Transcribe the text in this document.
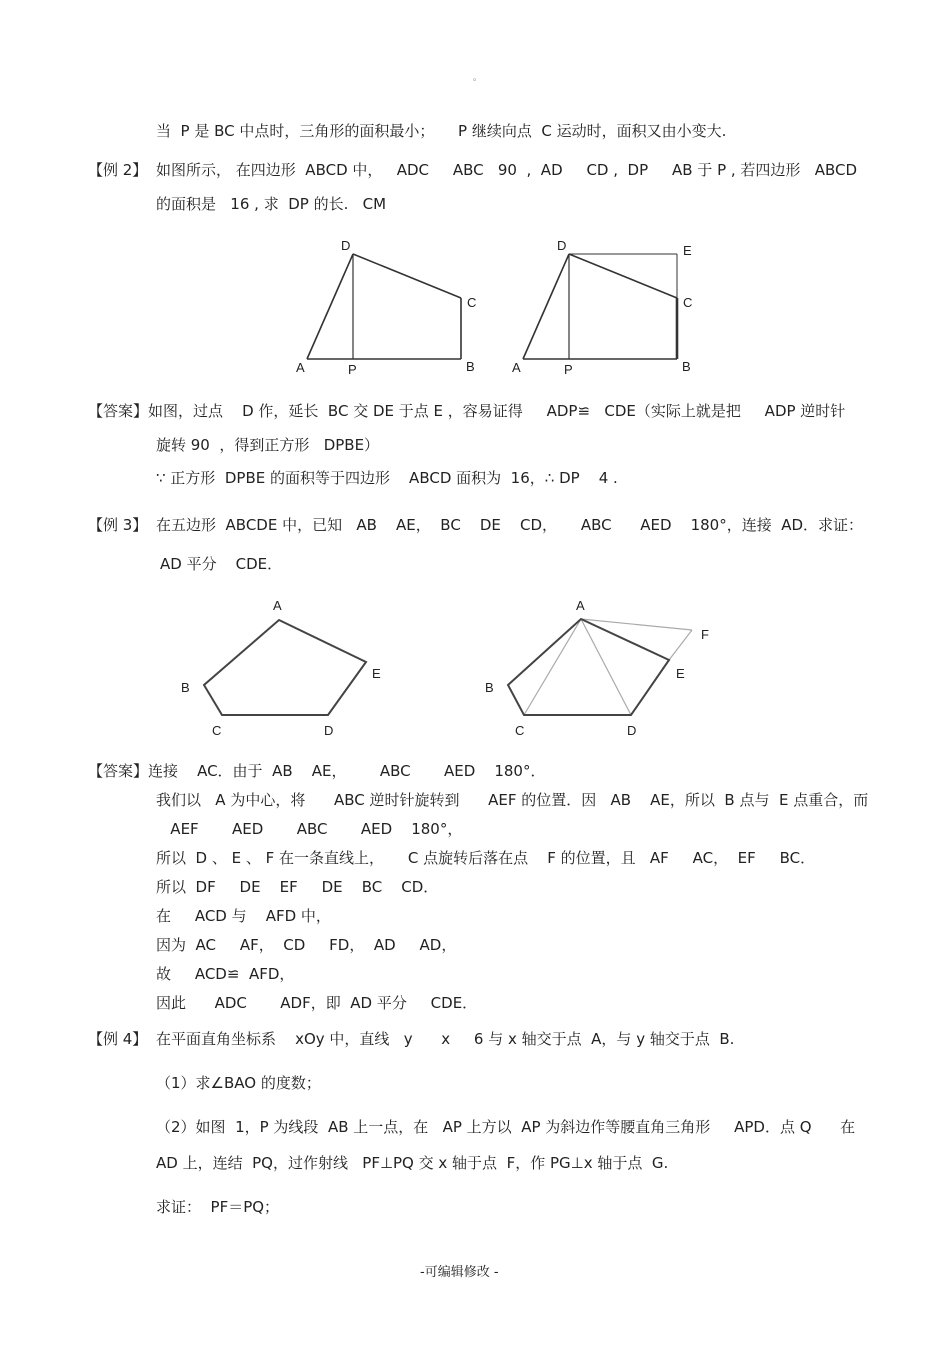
。
当  P 是 BC 中点时，三角形的面积最小； P 继续向点  C 运动时，面积又由小变大.
【例 2】 如图所示， 在四边形  ABCD 中，   ADC     ABC   90  ,  AD     CD ,  DP     AB 于 P , 若四边形   ABCD
的面积是   16 , 求  DP 的长.   CM
D
C
A	P	B
D	E
C
A	P	B
【答案】 如图，过点    D 作，延长  BC 交 DE 于点 E ，容易证得     ADP≌   CDE（实际上就是把     ADP 逆时针
旋转 90  ，得到正方形   DPBE）
∵ 正方形  DPBE 的面积等于四边形    ABCD 面积为  16，∴ DP    4 .
【例 3】 在五边形  ABCDE 中，已知   AB    AE，  BC    DE    CD，     ABC      AED    180°，连接  AD．求证：
AD 平分    CDE．
A
E
B
C	D
A
F
E
B
C	D
【答案】 连接    AC．由于  AB    AE，       ABC       AED    180°．
我们以   A 为中心，将      ABC 逆时针旋转到      AEF 的位置．因   AB    AE，所以  B 点与  E 点重合，而
AEF       AED       ABC       AED    180°，
所以  D 、 E 、 F 在一条直线上，     C 点旋转后落在点    F 的位置，且   AF     AC，  EF     BC．
所以  DF     DE    EF     DE    BC    CD．
在     ACD 与    AFD 中，
因为  AC     AF，  CD     FD，  AD     AD，
故     ACD≌  AFD，
因此      ADC       ADF，即  AD 平分     CDE．
【例 4】 在平面直角坐标系    xOy 中，直线   y      x     6 与 x 轴交于点  A，与 y 轴交于点  B.
（1）求∠BAO 的度数；
（2）如图  1，P 为线段  AB 上一点，在   AP 上方以  AP 为斜边作等腰直角三角形     APD．点 Q      在
AD 上，连结  PQ，过作射线   PF⊥PQ 交 x 轴于点  F，作 PG⊥x 轴于点  G.
求证：  PF＝PQ；
-可编辑修改 -
